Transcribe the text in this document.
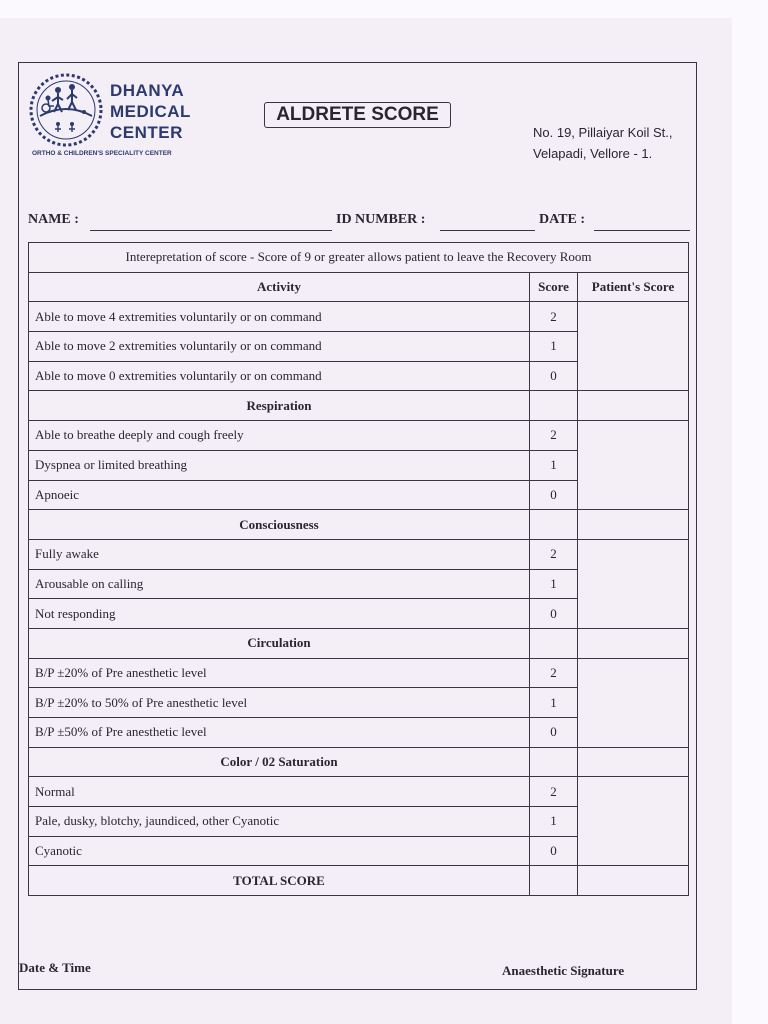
DHANYA
MEDICAL
CENTER
ORTHO & CHILDREN'S SPECIALITY CENTER
ALDRETE SCORE
No. 19, Pillaiyar Koil St.,
Velapadi, Vellore - 1.
NAME :	ID NUMBER :	DATE :
Interepretation of score - Score of 9 or greater allows patient to leave the Recovery Room		
Activity	Score	Patient's Score
Able to move 4 extremities voluntarily or on command	2	
Able to move 2 extremities voluntarily or on command	1	
Able to move 0 extremities voluntarily or on command	0	
Respiration		
Able to breathe deeply and cough freely	2	
Dyspnea or limited breathing	1	
Apnoeic	0	
Consciousness		
Fully awake	2	
Arousable on calling	1	
Not responding	0	
Circulation		
B/P ±20% of Pre anesthetic level	2	
B/P ±20% to 50% of Pre anesthetic level	1	
B/P ±50% of Pre anesthetic level	0	
Color / 02 Saturation		
Normal	2	
Pale, dusky, blotchy, jaundiced, other Cyanotic	1	
Cyanotic	0	
TOTAL SCORE		
Date & Time	Anaesthetic Signature
